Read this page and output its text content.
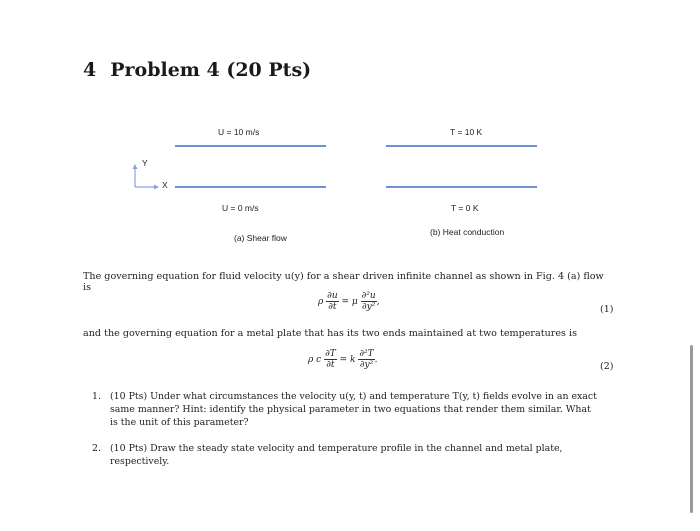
4 Problem 4 (20 Pts)
U = 10 m/s
U = 0 m/s
(a) Shear flow
Y
X
T = 10 K
T = 0 K
(b) Heat conduction
The governing equation for fluid velocity u(y) for a shear driven infinite channel as shown in Fig. 4 (a) flow
is
ρ $\frac{\partial u}{\partial t} = \mu \frac{\text{∂²u}}{\text{∂y²}}$ ,
(1)
and the governing equation for a metal plate that has its two ends maintained at two temperatures is
ρ c $\frac{\partial T}{\partial t} = k \frac{\text{∂²T}}{\text{∂y²}}$ .
(2)
1. (10 Pts) Under what circumstances the velocity u(y, t) and temperature T(y, t) fields evolve in an exact
same manner? Hint: identify the physical parameter in two equations that render them similar. What
is the unit of this parameter?
2. (10 Pts) Draw the steady state velocity and temperature profile in the channel and metal plate,
respectively.
